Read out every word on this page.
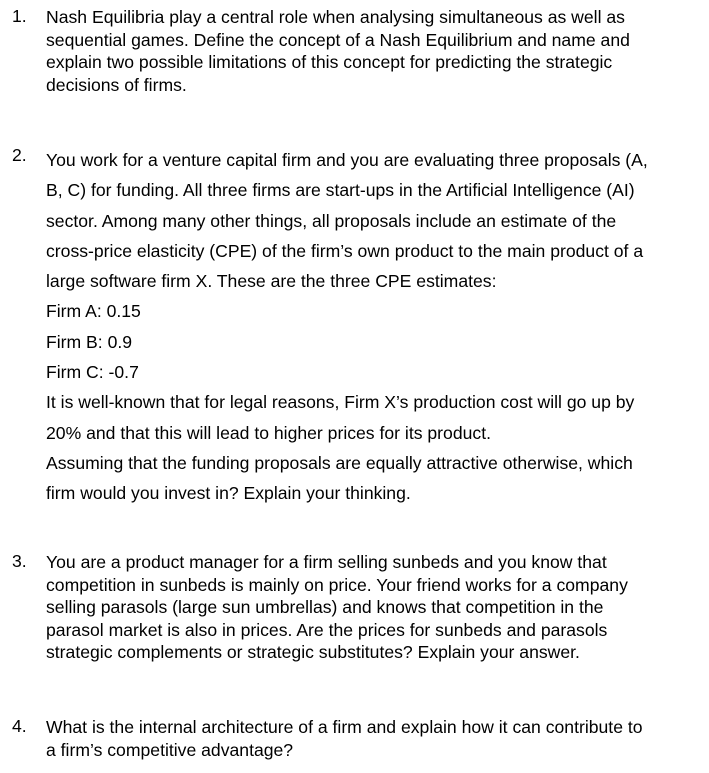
1. Nash Equilibria play a central role when analysing simultaneous as well as
sequential games. Define the concept of a Nash Equilibrium and name and
explain two possible limitations of this concept for predicting the strategic
decisions of firms.
2. You work for a venture capital firm and you are evaluating three proposals (A,
B, C) for funding. All three firms are start-ups in the Artificial Intelligence (AI)
sector. Among many other things, all proposals include an estimate of the
cross-price elasticity (CPE) of the firm’s own product to the main product of a
large software firm X. These are the three CPE estimates:
Firm A: 0.15
Firm B: 0.9
Firm C: -0.7
It is well-known that for legal reasons, Firm X’s production cost will go up by
20% and that this will lead to higher prices for its product.
Assuming that the funding proposals are equally attractive otherwise, which
firm would you invest in? Explain your thinking.
3. You are a product manager for a firm selling sunbeds and you know that
competition in sunbeds is mainly on price. Your friend works for a company
selling parasols (large sun umbrellas) and knows that competition in the
parasol market is also in prices. Are the prices for sunbeds and parasols
strategic complements or strategic substitutes? Explain your answer.
4. What is the internal architecture of a firm and explain how it can contribute to
a firm’s competitive advantage?
